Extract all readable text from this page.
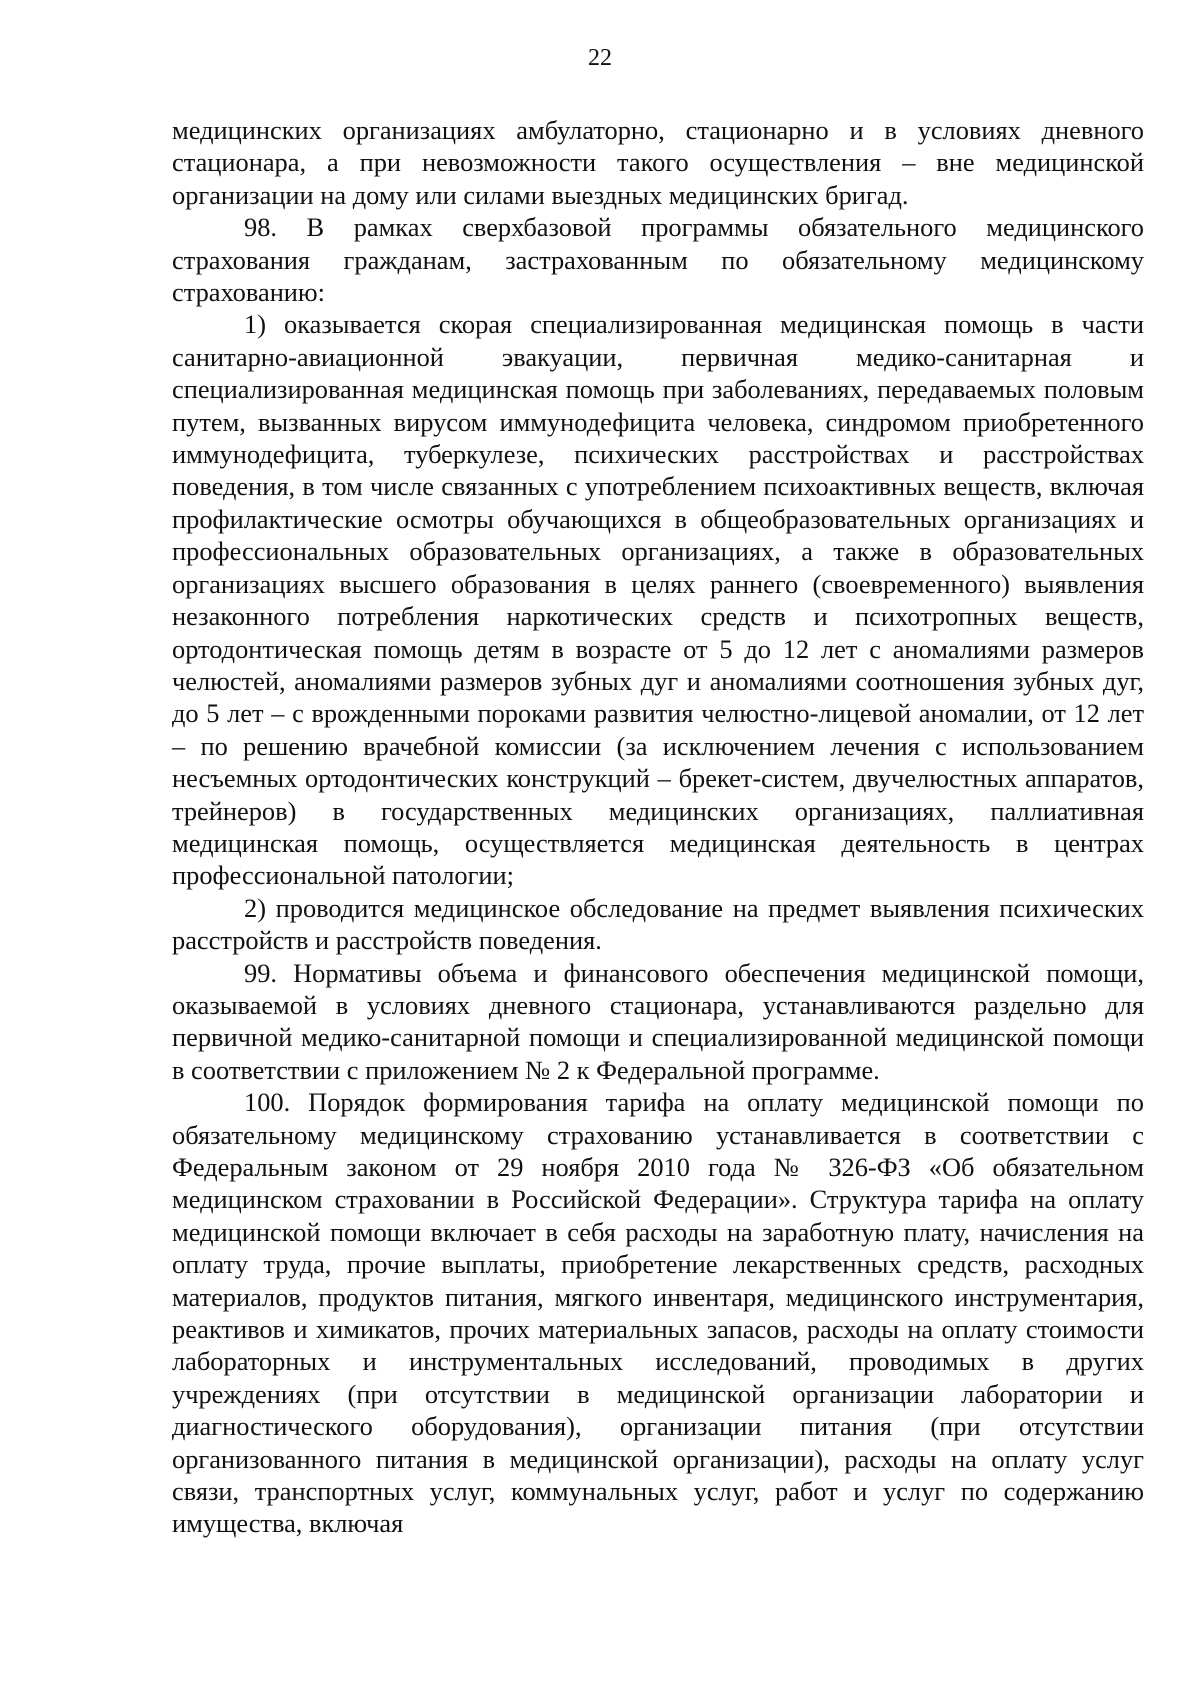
22

медицинских организациях амбулаторно, стационарно и в условиях дневного стационара, а при невозможности такого осуществления – вне медицинской организации на дому или силами выездных медицинских бригад.

98. В рамках сверхбазовой программы обязательного медицинского страхования гражданам, застрахованным по обязательному медицинскому страхованию:

1) оказывается скорая специализированная медицинская помощь в части санитарно-авиационной эвакуации, первичная медико-санитарная и специализированная медицинская помощь при заболеваниях, передаваемых половым путем, вызванных вирусом иммунодефицита человека, синдромом приобретенного иммунодефицита, туберкулезе, психических расстройствах и расстройствах поведения, в том числе связанных с употреблением психоактивных веществ, включая профилактические осмотры обучающихся в общеобразовательных организациях и профессиональных образовательных организациях, а также в образовательных организациях высшего образования в целях раннего (своевременного) выявления незаконного потребления наркотических средств и психотропных веществ, ортодонтическая помощь детям в возрасте от 5 до 12 лет с аномалиями размеров челюстей, аномалиями размеров зубных дуг и аномалиями соотношения зубных дуг, до 5 лет – с врожденными пороками развития челюстно-лицевой аномалии, от 12 лет – по решению врачебной комиссии (за исключением лечения с использованием несъемных ортодонтических конструкций – брекет-систем, двучелюстных аппаратов, трейнеров) в государственных медицинских организациях, паллиативная медицинская помощь, осуществляется медицинская деятельность в центрах профессиональной патологии;

2) проводится медицинское обследование на предмет выявления психических расстройств и расстройств поведения.

99. Нормативы объема и финансового обеспечения медицинской помощи, оказываемой в условиях дневного стационара, устанавливаются раздельно для первичной медико-санитарной помощи и специализированной медицинской помощи в соответствии с приложением № 2 к Федеральной программе.

100. Порядок формирования тарифа на оплату медицинской помощи по обязательному медицинскому страхованию устанавливается в соответствии с Федеральным законом от 29 ноября 2010 года № 326-ФЗ «Об обязательном медицинском страховании в Российской Федерации». Структура тарифа на оплату медицинской помощи включает в себя расходы на заработную плату, начисления на оплату труда, прочие выплаты, приобретение лекарственных средств, расходных материалов, продуктов питания, мягкого инвентаря, медицинского инструментария, реактивов и химикатов, прочих материальных запасов, расходы на оплату стоимости лабораторных и инструментальных исследований, проводимых в других учреждениях (при отсутствии в медицинской организации лаборатории и диагностического оборудования), организации питания (при отсутствии организованного питания в медицинской организации), расходы на оплату услуг связи, транспортных услуг, коммунальных услуг, работ и услуг по содержанию имущества, включая
